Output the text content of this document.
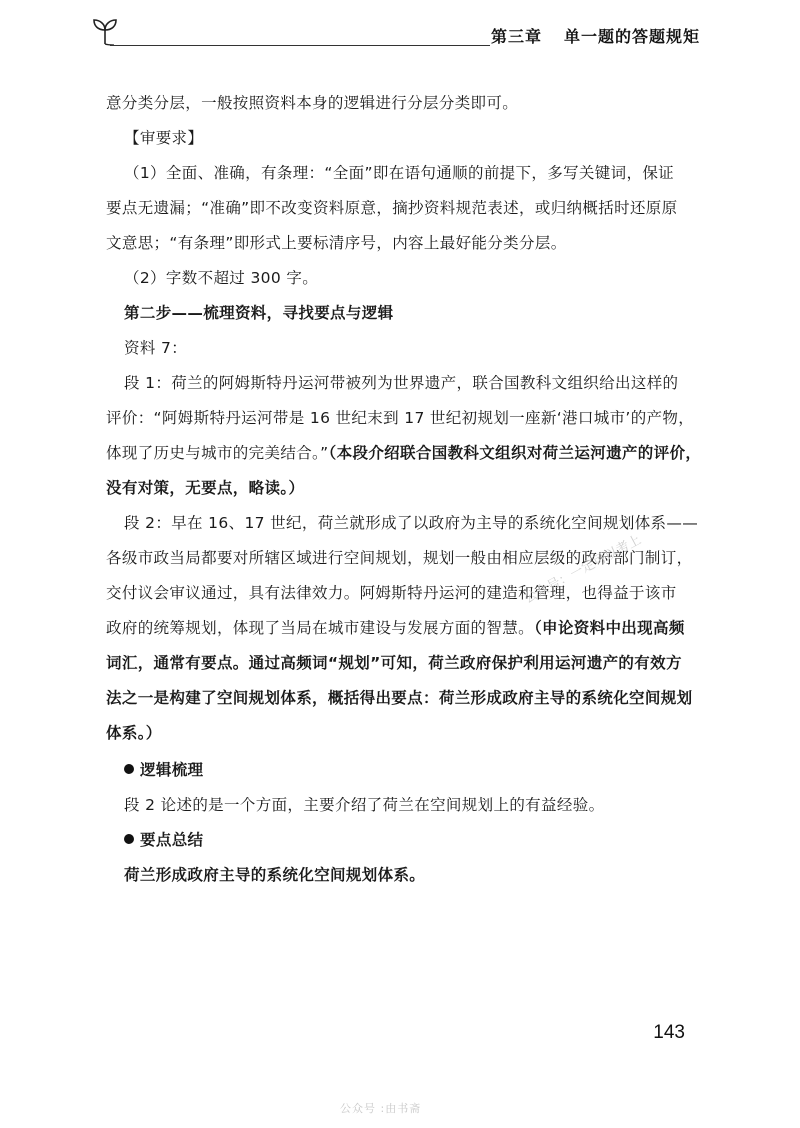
第三章 单一题的答题规矩
意分类分层，一般按照资料本身的逻辑进行分层分类即可。
【审要求】
（1）全面、准确，有条理：“全面”即在语句通顺的前提下，多写关键词，保证
要点无遗漏；“准确”即不改变资料原意，摘抄资料规范表述，或归纳概括时还原原
文意思；“有条理”即形式上要标清序号，内容上最好能分类分层。
（2）字数不超过 300 字。
第二步——梳理资料，寻找要点与逻辑
资料 7：
段 1：荷兰的阿姆斯特丹运河带被列为世界遗产，联合国教科文组织给出这样的
评价：“阿姆斯特丹运河带是 16 世纪末到 17 世纪初规划一座新‘港口城市’的产物，
体现了历史与城市的完美结合。”（本段介绍联合国教科文组织对荷兰运河遗产的评价，
没有对策，无要点，略读。）
段 2：早在 16、17 世纪，荷兰就形成了以政府为主导的系统化空间规划体系——
各级市政当局都要对所辖区域进行空间规划，规划一般由相应层级的政府部门制订，
交付议会审议通过，具有法律效力。阿姆斯特丹运河的建造和管理，也得益于该市
政府的统筹规划，体现了当局在城市建设与发展方面的智慧。（申论资料中出现高频
词汇，通常有要点。通过高频词“规划”可知，荷兰政府保护利用运河遗产的有效方
法之一是构建了空间规划体系，概括得出要点：荷兰形成政府主导的系统化空间规划
体系。）
逻辑梳理
段 2 论述的是一个方面，主要介绍了荷兰在空间规划上的有益经验。
要点总结
荷兰形成政府主导的系统化空间规划体系。
公众号：一定可以考上
143
公众号 :由书斋
